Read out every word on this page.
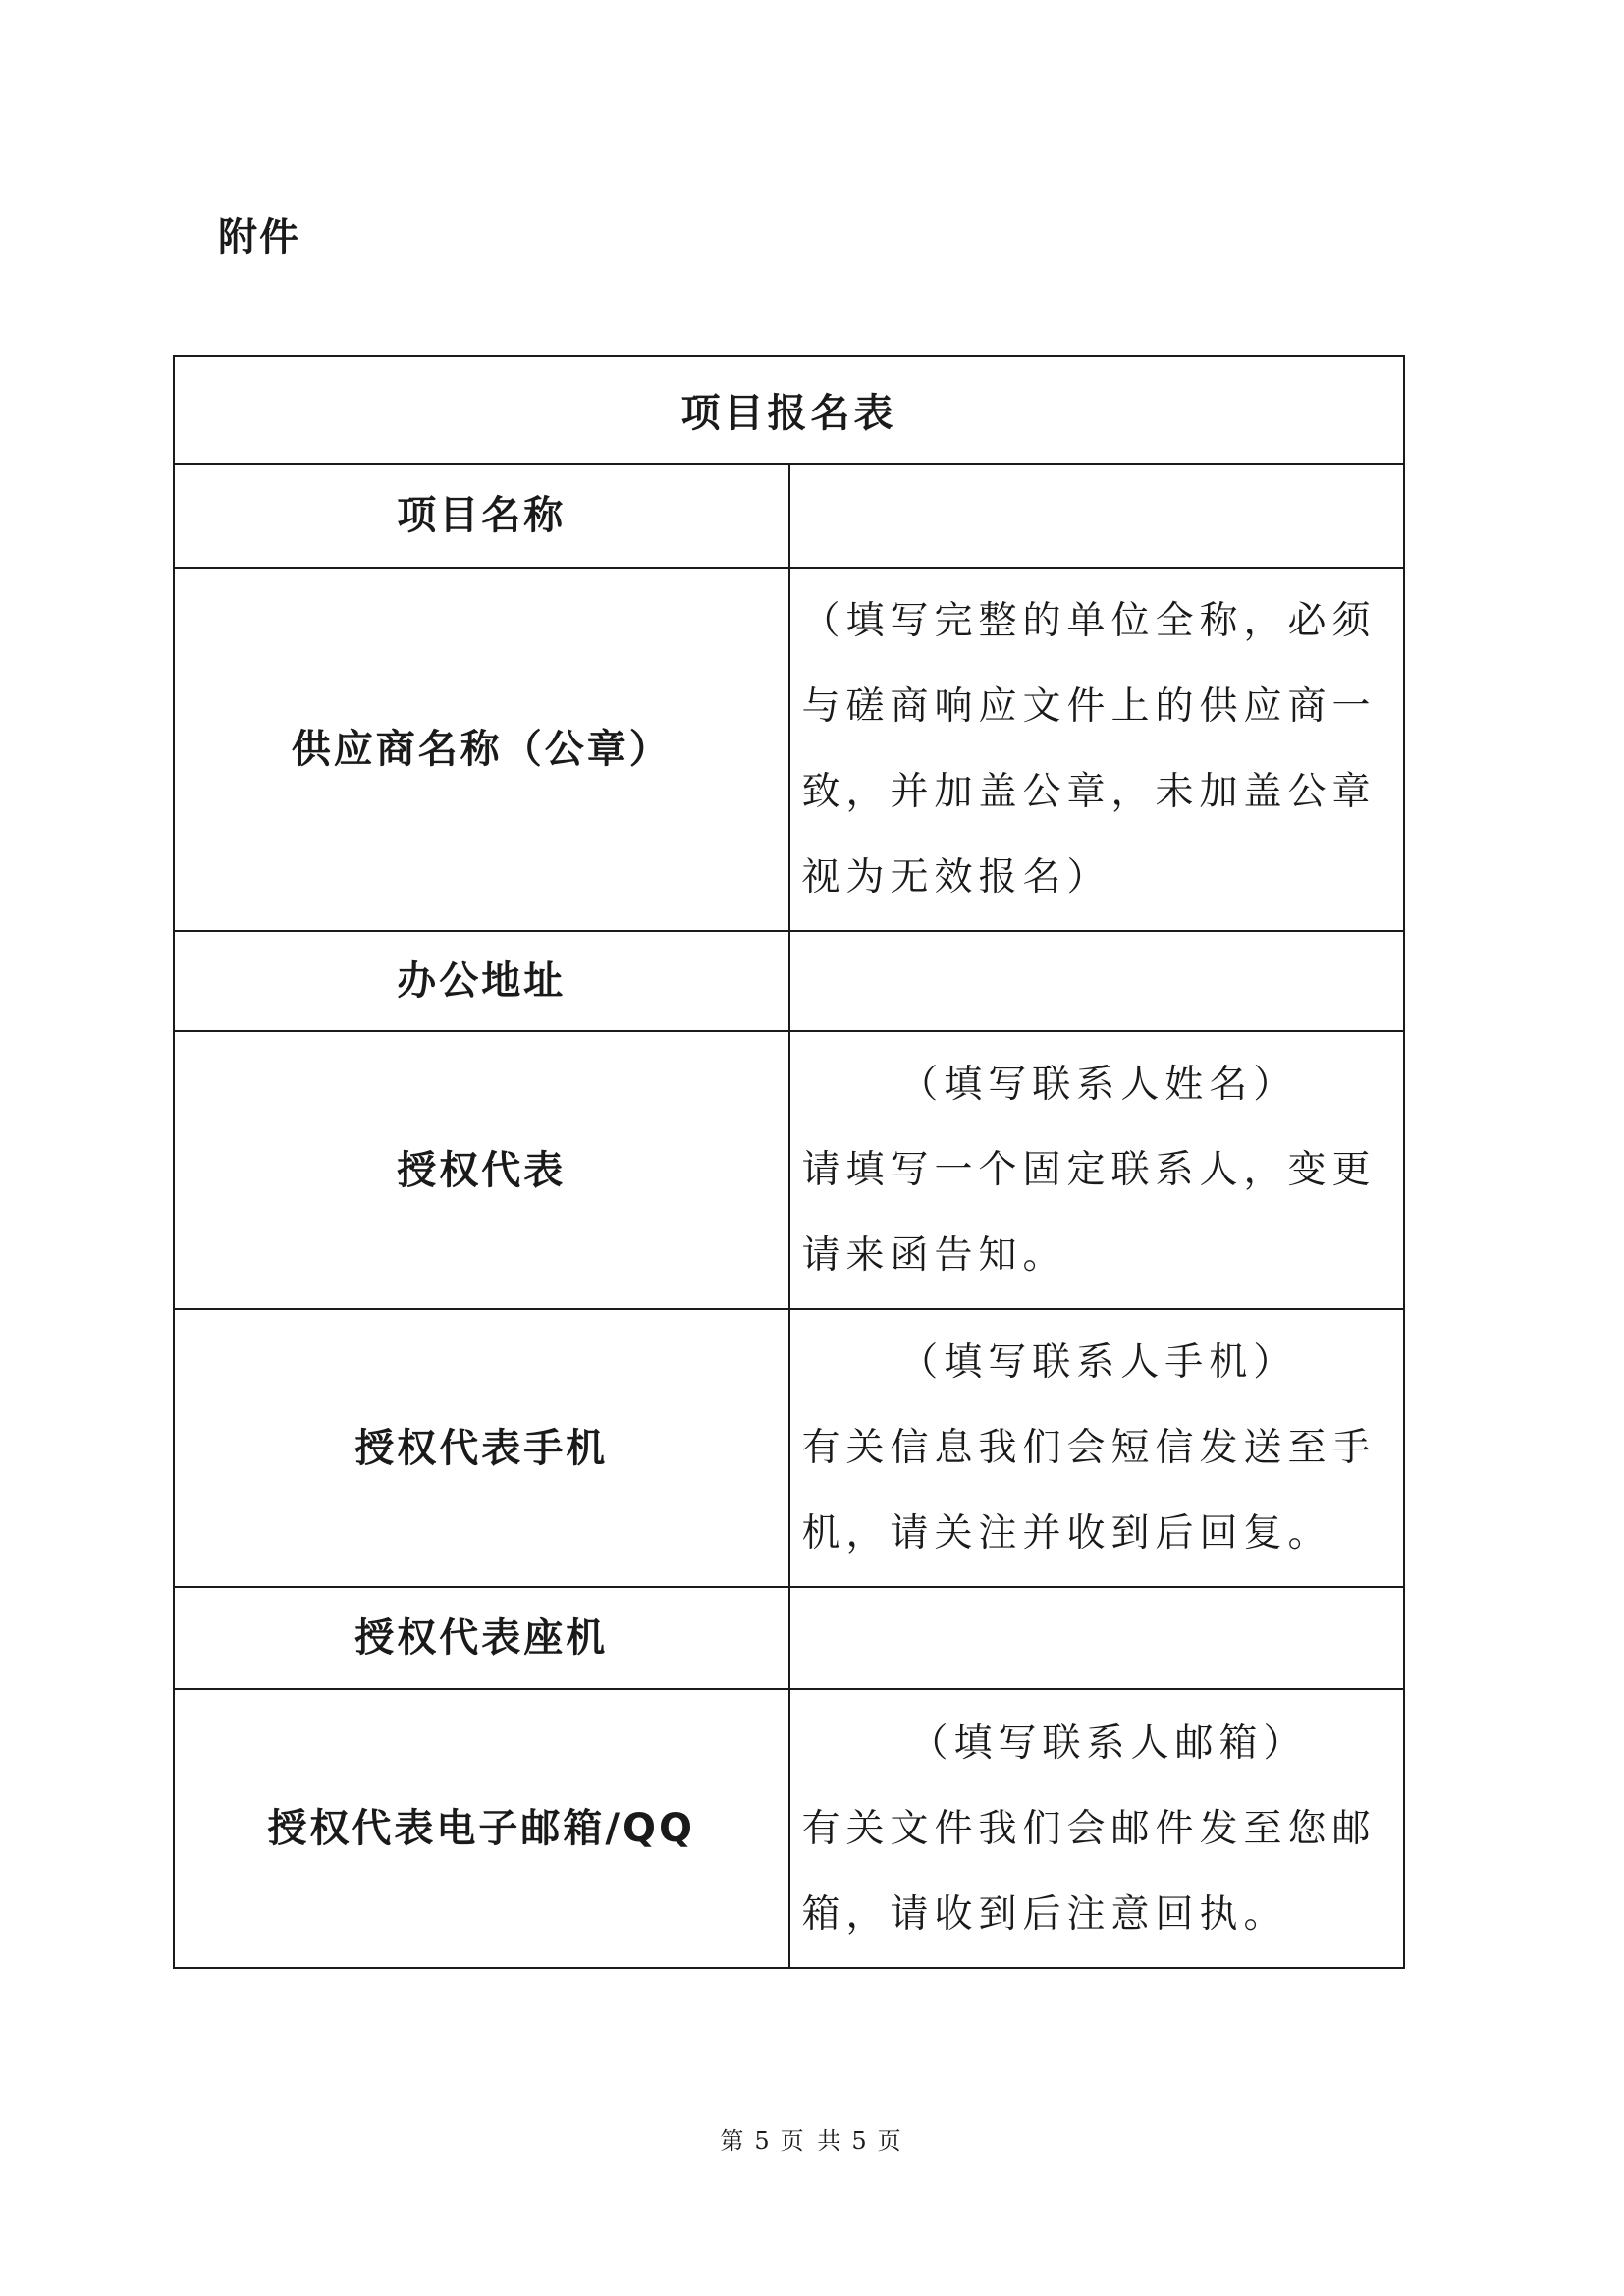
附件
项目报名表	
项目名称	
供应商名称（公章）	（填写完整的单位全称，必须与磋商响应文件上的供应商一致，并加盖公章，未加盖公章视为无效报名）
办公地址	
授权代表	（填写联系人姓名）
请填写一个固定联系人，变更请来函告知。
授权代表手机	（填写联系人手机）
有关信息我们会短信发送至手机，请关注并收到后回复。
授权代表座机	
授权代表电子邮箱/QQ	（填写联系人邮箱）
有关文件我们会邮件发至您邮箱，请收到后注意回执。
第 5 页 共 5 页
